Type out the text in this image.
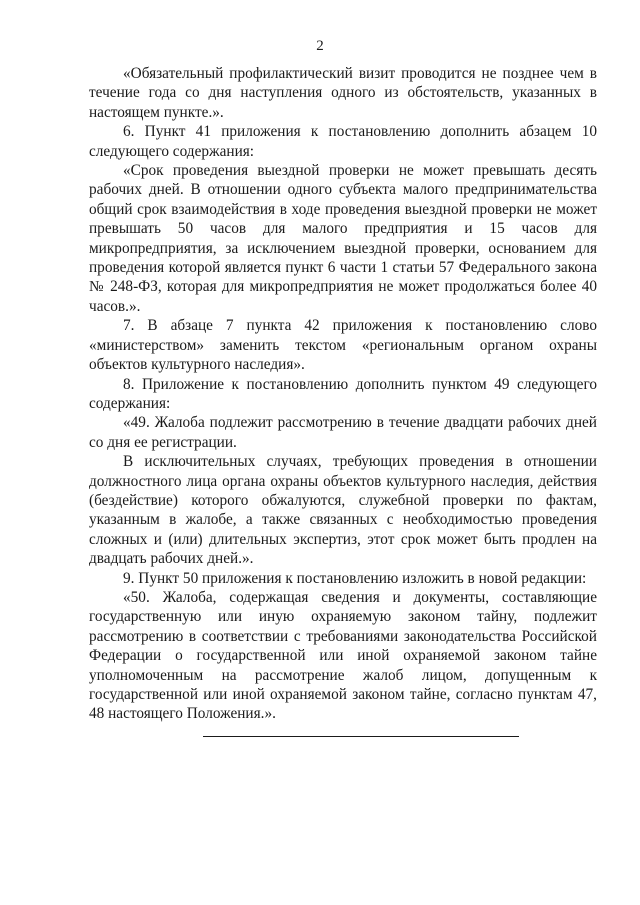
2

«Обязательный профилактический визит проводится не позднее чем в течение года со дня наступления одного из обстоятельств, указанных в настоящем пункте.».

6. Пункт 41 приложения к постановлению дополнить абзацем 10 следующего содержания:

«Срок проведения выездной проверки не может превышать десять рабочих дней. В отношении одного субъекта малого предпринимательства общий срок взаимодействия в ходе проведения выездной проверки не может превышать 50 часов для малого предприятия и 15 часов для микропредприятия, за исключением выездной проверки, основанием для проведения которой является пункт 6 части 1 статьи 57 Федерального закона № 248-ФЗ, которая для микропредприятия не может продолжаться более 40 часов.».

7. В абзаце 7 пункта 42 приложения к постановлению слово «министерством» заменить текстом «региональным органом охраны объектов культурного наследия».

8. Приложение к постановлению дополнить пунктом 49 следующего содержания:

«49. Жалоба подлежит рассмотрению в течение двадцати рабочих дней со дня ее регистрации.

В исключительных случаях, требующих проведения в отношении должностного лица органа охраны объектов культурного наследия, действия (бездействие) которого обжалуются, служебной проверки по фактам, указанным в жалобе, а также связанных с необходимостью проведения сложных и (или) длительных экспертиз, этот срок может быть продлен на двадцать рабочих дней.».

9. Пункт 50 приложения к постановлению изложить в новой редакции:

«50. Жалоба, содержащая сведения и документы, составляющие государственную или иную охраняемую законом тайну, подлежит рассмотрению в соответствии с требованиями законодательства Российской Федерации о государственной или иной охраняемой законом тайне уполномоченным на рассмотрение жалоб лицом, допущенным к государственной или иной охраняемой законом тайне, согласно пунктам 47, 48 настоящего Положения.».
